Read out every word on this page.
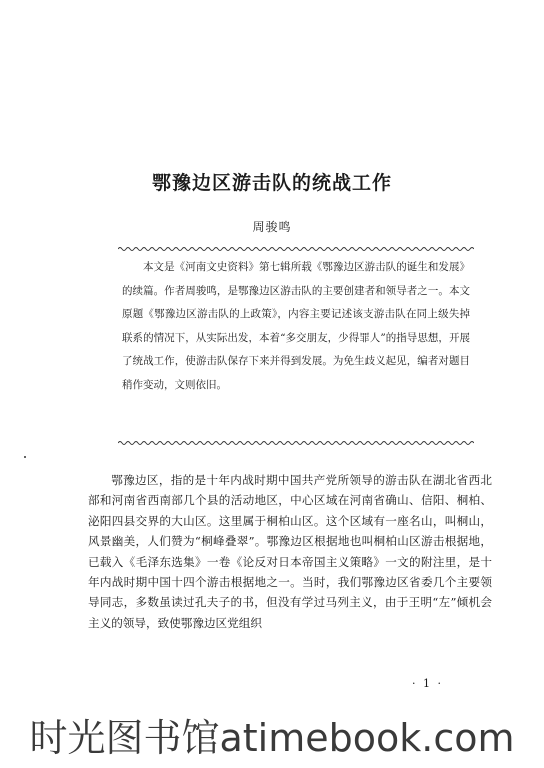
鄂豫边区游击队的统战工作
周骏鸣

本文是《河南文史资料》第七辑所载《鄂豫边区游击队的诞生和发展》的续篇。作者周骏鸣，是鄂豫边区游击队的主要创建者和领导者之一。本文原题《鄂豫边区游击队的上政策》，内容主要记述该支游击队在同上级失掉联系的情况下，从实际出发，本着“多交朋友，少得罪人”的指导思想，开展了统战工作，使游击队保存下来并得到发展。为免生歧义起见，编者对题目稍作变动，文则依旧。

鄂豫边区，指的是十年内战时期中国共产党所领导的游击队在湖北省西北部和河南省西南部几个县的活动地区，中心区域在河南省确山、信阳、桐柏、泌阳四县交界的大山区。这里属于桐柏山区。这个区域有一座名山，叫桐山，风景幽美，人们赞为“桐峰叠翠”。鄂豫边区根据地也叫桐柏山区游击根据地，已载入《毛泽东选集》一卷《论反对日本帝国主义策略》一文的附注里，是十年内战时期中国十四个游击根据地之一。当时，我们鄂豫边区省委几个主要领导同志，多数虽读过孔夫子的书，但没有学过马列主义，由于王明“左”倾机会主义的领导，致使鄂豫边区党组织

· 1 ·
时光图书馆atimebook.com
